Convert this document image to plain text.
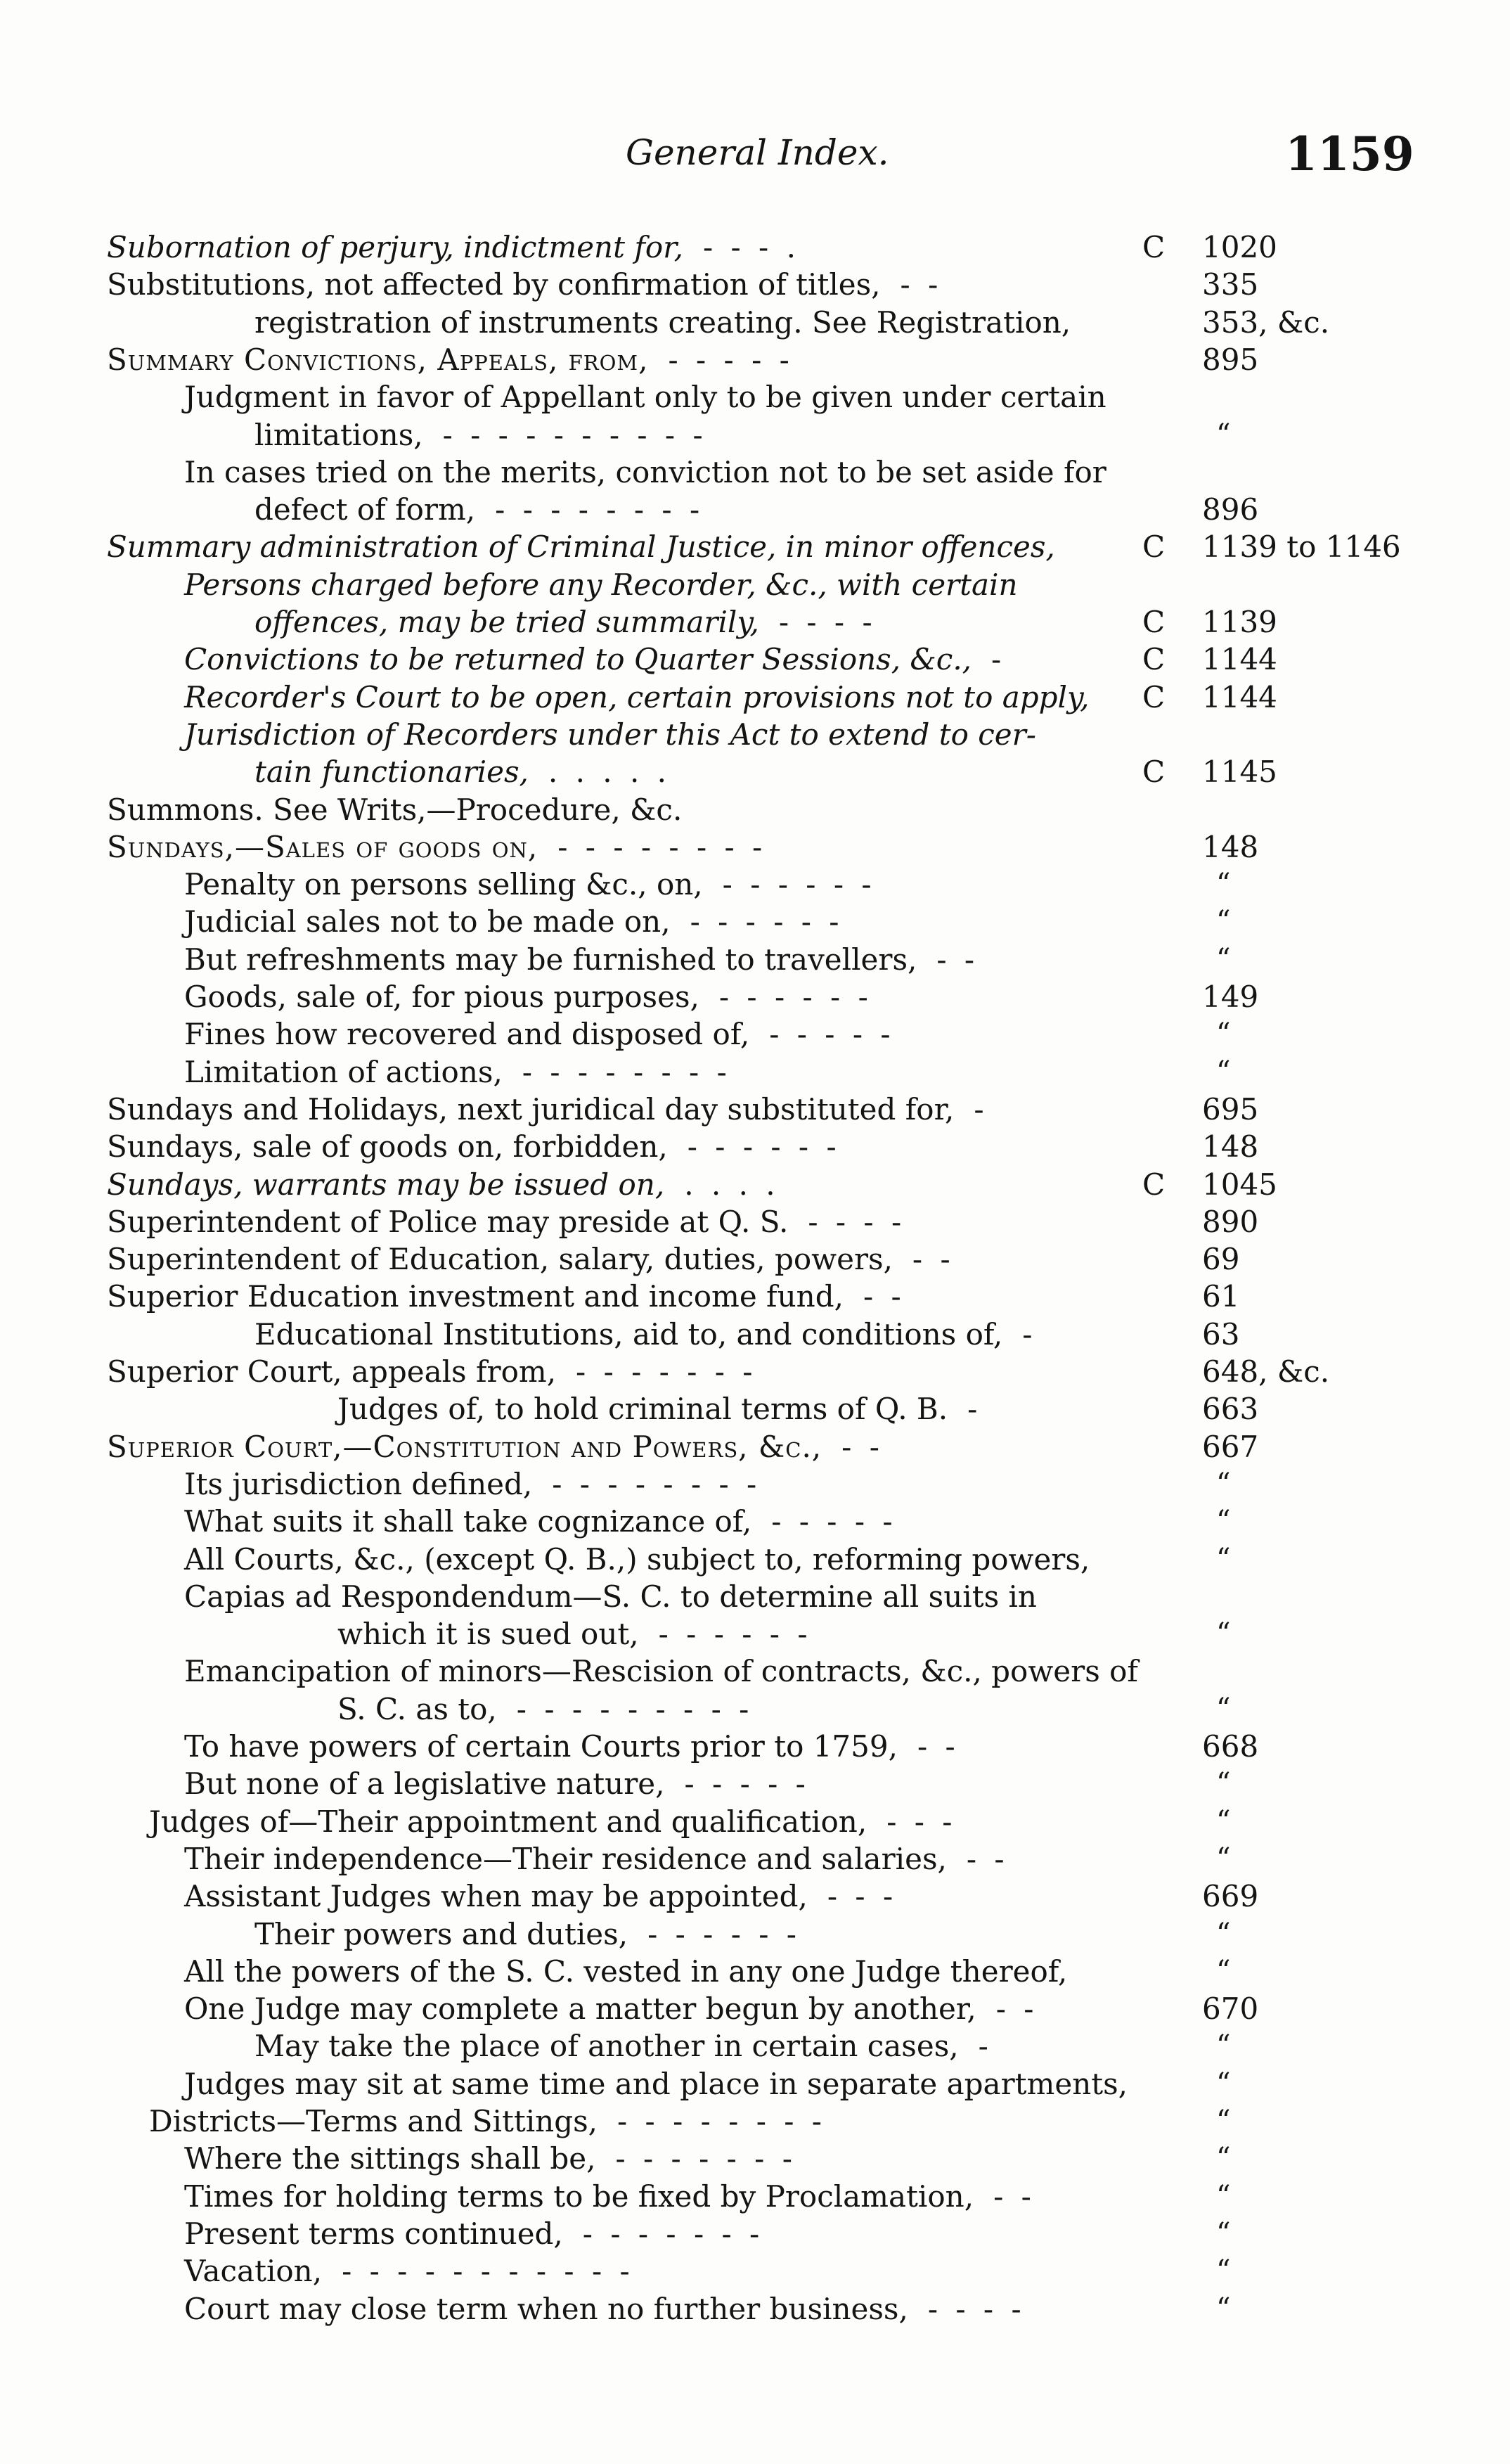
General Index.	1159
Subornation of perjury, indictment for, - - - .	C 1020
Substitutions, not affected by confirmation of titles, - -	335
registration of instruments creating. See Registration,	353, &c.
Summary Convictions, Appeals, from, - - - - -	895
Judgment in favor of Appellant only to be given under certain
limitations, - - - - - - - - - -	“
In cases tried on the merits, conviction not to be set aside for
defect of form, - - - - - - - -	896
Summary administration of Criminal Justice, in minor offences,	C 1139 to 1146
Persons charged before any Recorder, &c., with certain
offences, may be tried summarily, - - - -	C 1139
Convictions to be returned to Quarter Sessions, &c., -	C 1144
Recorder's Court to be open, certain provisions not to apply, C 1144
Jurisdiction of Recorders under this Act to extend to cer-
tain functionaries, . . . . .	C 1145
Summons. See Writs,—Procedure, &c.
Sundays,—Sales of goods on, - - - - - - - -	148
Penalty on persons selling &c., on, - - - - - -	“
Judicial sales not to be made on, - - - - - -	“
But refreshments may be furnished to travellers, - -	“
Goods, sale of, for pious purposes, - - - - - -	149
Fines how recovered and disposed of, - - - - -	“
Limitation of actions, - - - - - - - -	“
Sundays and Holidays, next juridical day substituted for, -	695
Sundays, sale of goods on, forbidden, - - - - - -	148
Sundays, warrants may be issued on, . . . .	C 1045
Superintendent of Police may preside at Q. S. - - - -	890
Superintendent of Education, salary, duties, powers, - -	69
Superior Education investment and income fund, - -	61
Educational Institutions, aid to, and conditions of, -	63
Superior Court, appeals from, - - - - - - -	648, &c.
Judges of, to hold criminal terms of Q. B. -	663
Superior Court,—Constitution and Powers, &c., - -	667
Its jurisdiction defined, - - - - - - - -	“
What suits it shall take cognizance of, - - - - -	“
All Courts, &c., (except Q. B.,) subject to, reforming powers,	“
Capias ad Respondendum—S. C. to determine all suits in
which it is sued out, - - - - - -	“
Emancipation of minors—Rescision of contracts, &c., powers of
S. C. as to, - - - - - - - - -	“
To have powers of certain Courts prior to 1759, - -	668
But none of a legislative nature, - - - - -	“
Judges of—Their appointment and qualification, - - -	“
Their independence—Their residence and salaries, - -	“
Assistant Judges when may be appointed, - - -	669
Their powers and duties, - - - - - -	“
All the powers of the S. C. vested in any one Judge thereof,	“
One Judge may complete a matter begun by another, - -	670
May take the place of another in certain cases, -	“
Judges may sit at same time and place in separate apartments,	“
Districts—Terms and Sittings, - - - - - - - -	“
Where the sittings shall be, - - - - - - -	“
Times for holding terms to be fixed by Proclamation, - -	“
Present terms continued, - - - - - - -	“
Vacation, - - - - - - - - - - -	“
Court may close term when no further business, - - - -	“
